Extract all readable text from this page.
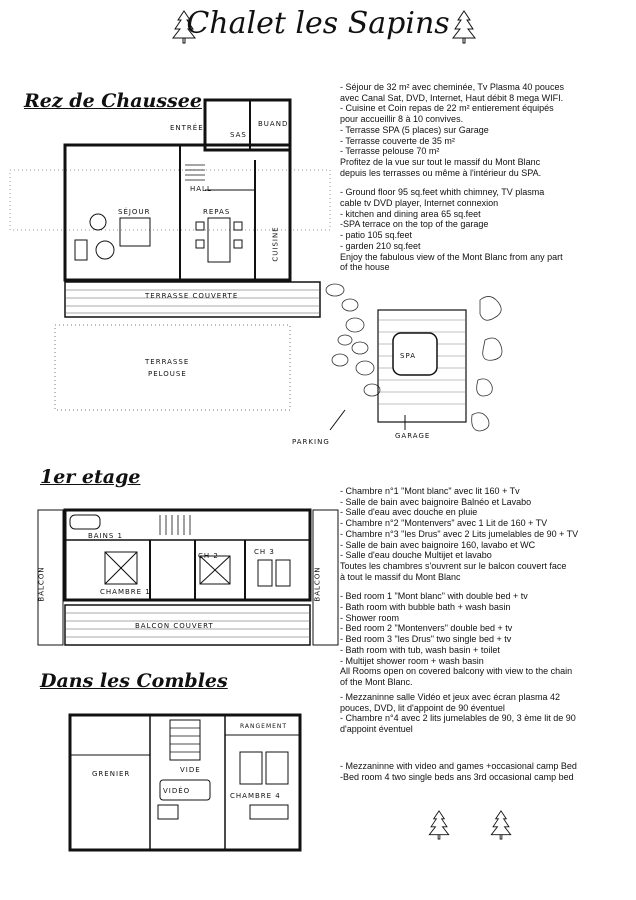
Chalet les Sapins
Rez de Chaussee
ENTRÉE
SAS
BUAND
HALL
SÉJOUR	REPAS
CUISINE
TERRASSE COUVERTE
TERRASSE
PELOUSE
SPA
PARKING
GARAGE
- Séjour de 32 m² avec cheminée, Tv Plasma 40 pouces
avec Canal Sat, DVD, Internet, Haut débit 8 mega WIFI.
- Cuisine et Coin repas de 22 m² entierement équipés
pour accueillir 8 à 10 convives.
- Terrasse SPA (5 places) sur Garage
- Terrasse couverte de 35 m²
- Terrasse pelouse 70 m²
Profitez de la vue sur tout le massif du Mont Blanc
depuis les terrasses ou même à l'intérieur du SPA.
- Ground floor 95 sq.feet whith chimney, TV plasma
cable tv DVD player, Internet connexion
- kitchen and dining area 65 sq.feet
-SPA terrace on the top of the garage
- patio 105 sq.feet
- garden 210 sq.feet
Enjoy the fabulous view of the Mont Blanc from any part
of the house
1er etage
BAINS 1
CH 3
CH 2
CHAMBRE 1
BALCON COUVERT
BALCON	BALCON
- Chambre n°1 "Mont blanc" avec lit 160 + Tv
- Salle de bain avec baignoire Balnéo et Lavabo
- Salle d'eau avec douche en pluie
- Chambre n°2 "Montenvers" avec 1 Lit de 160 + TV
- Chambre n°3 "les Drus" avec 2 Lits jumelables de 90 + TV
- Salle de bain avec baignoire 160, lavabo et WC
- Salle d'eau douche Multijet et lavabo
Toutes les chambres s'ouvrent sur le balcon couvert face
à tout le massif du Mont Blanc
- Bed room 1 "Mont blanc" with double bed + tv
- Bath room with bubble bath + wash basin
- Shower room
- Bed room 2 "Montenvers" double bed + tv
- Bed room 3 "les Drus" two single bed + tv
- Bath room with tub, wash basin + toilet
- Multijet shower room + wash basin
All Rooms open on covered balcony with view to the chain
of the Mont Blanc.
Dans les Combles
GRENIER	VIDE
VIDÉO
CHAMBRE 4
RANGEMENT
- Mezzaninne salle Vidéo et jeux avec écran plasma 42
pouces, DVD, lit d'appoint de 90 éventuel
- Chambre n°4 avec 2 lits jumelables de 90, 3 ème lit de 90
d'appoint éventuel
- Mezzaninne with video and games +occasional camp Bed
-Bed room 4 two single beds ans 3rd occasional camp bed
